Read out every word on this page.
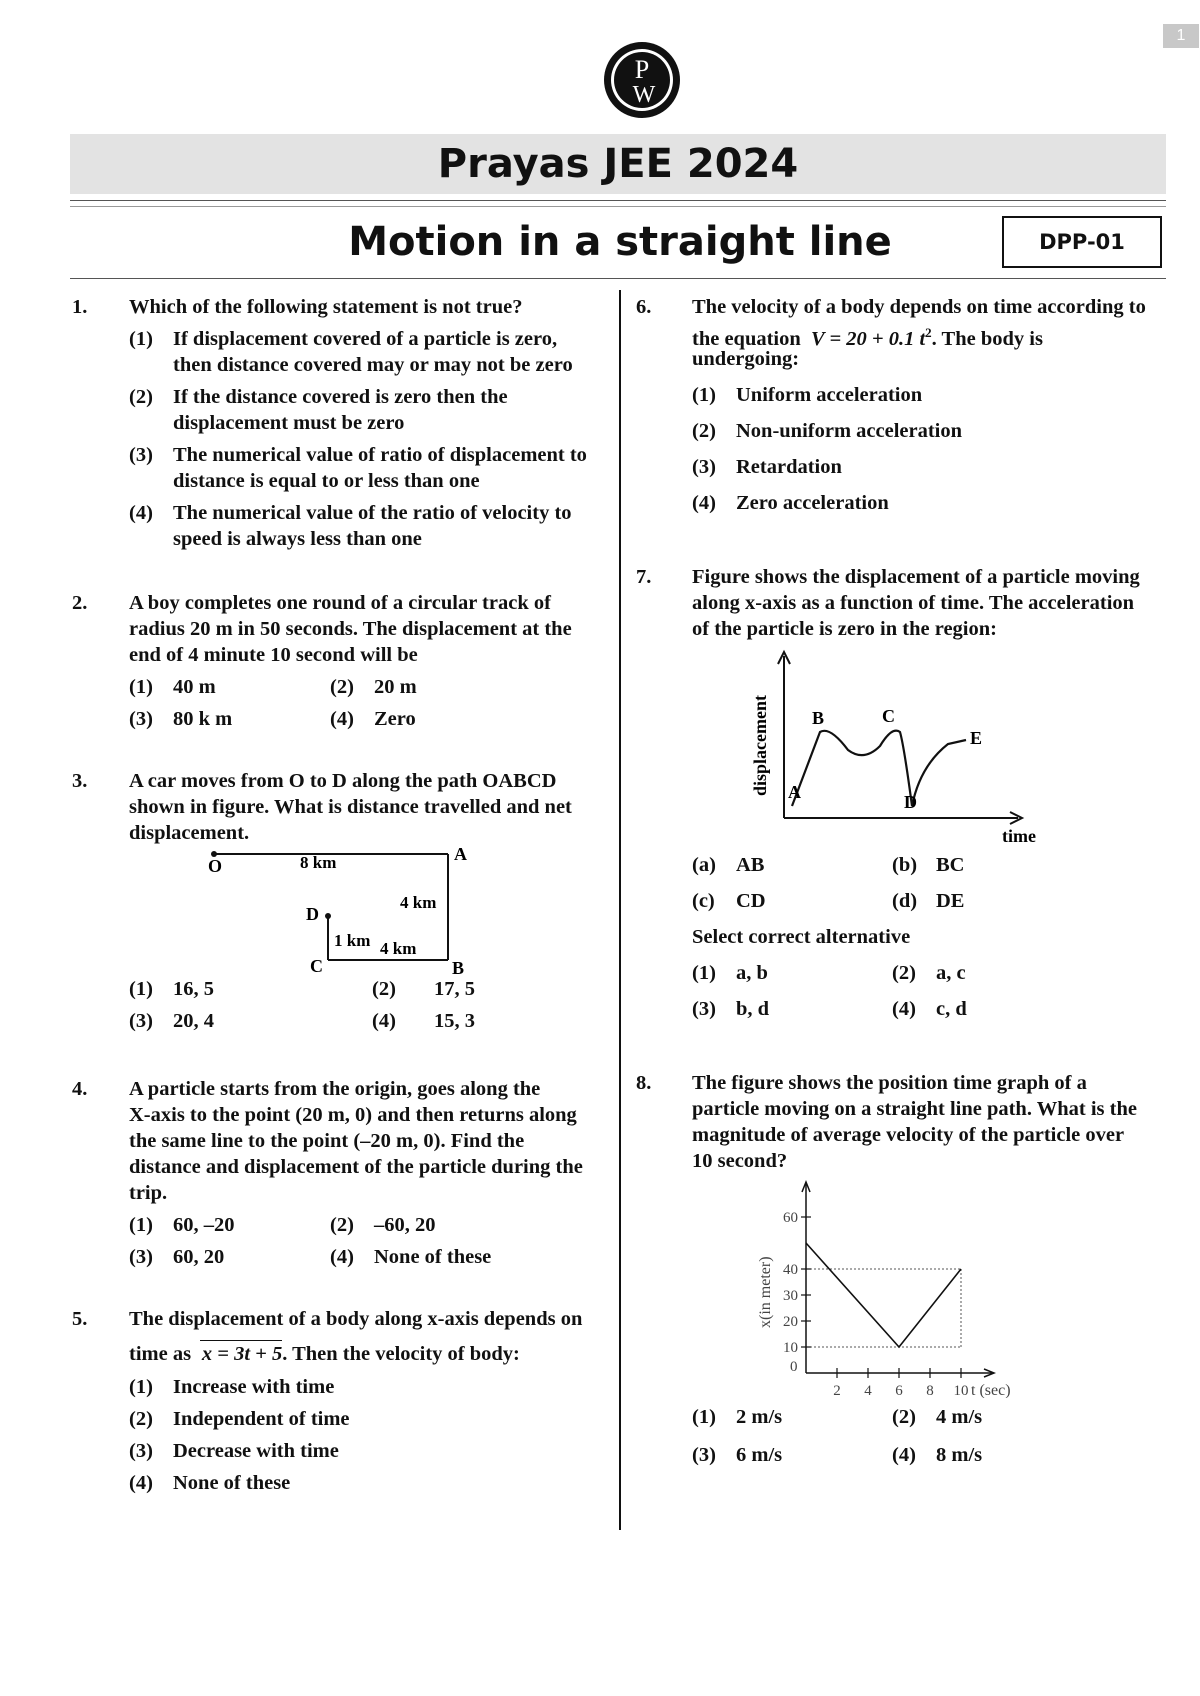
1
P
W
Prayas JEE 2024
Motion in a straight line	DPP-01
1. Which of the following statement is not true?
(1) If displacement covered of a particle is zero,
then distance covered may or may not be zero
(2) If the distance covered is zero then the
displacement must be zero
(3) The numerical value of ratio of displacement to
distance is equal to or less than one
(4) The numerical value of the ratio of velocity to
speed is always less than one
2. A boy completes one round of a circular track of
radius 20 m in 50 seconds. The displacement at the
end of 4 minute 10 second will be
(1) 40 m	(2) 20 m
(3) 80 k m	(4) Zero
3. A car moves from O to D along the path OABCD
shown in figure. What is distance travelled and net
displacement.
O
A
B
C
D
8 km
4 km
4 km
1 km
(1) 16, 5	(2) 17, 5
(3) 20, 4	(4) 15, 3
4. A particle starts from the origin, goes along the
X-axis to the point (20 m, 0) and then returns along
the same line to the point (–20 m, 0). Find the
distance and displacement of the particle during the
trip.
(1) 60, –20	(2) –60, 20
(3) 60, 20	(4) None of these
5. The displacement of a body along x-axis depends on
time as   x = 3t + 5. Then the velocity of body:
(1) Increase with time
(2) Independent of time
(3) Decrease with time
(4) None of these
6. The velocity of a body depends on time according to
the equation V = 20 + 0.1 $t^2$. The body is
undergoing:
(1) Uniform acceleration
(2) Non-uniform acceleration
(3) Retardation
(4) Zero acceleration
7. Figure shows the displacement of a particle moving
along x-axis as a function of time. The acceleration
of the particle is zero in the region:
displacement
time
A
B	C
D
E
(a) AB	(b) BC
(c) CD	(d) DE
Select correct alternative
(1) a, b	(2) a, c
(3) b, d	(4) c, d
8. The figure shows the position time graph of a
particle moving on a straight line path. What is the
magnitude of average velocity of the particle over
10 second?
2 4 6 8 10
10
20
30
40
60
x(in meter)
t (sec)
0
(1) 2 m/s	(2) 4 m/s
(3) 6 m/s	(4) 8 m/s
